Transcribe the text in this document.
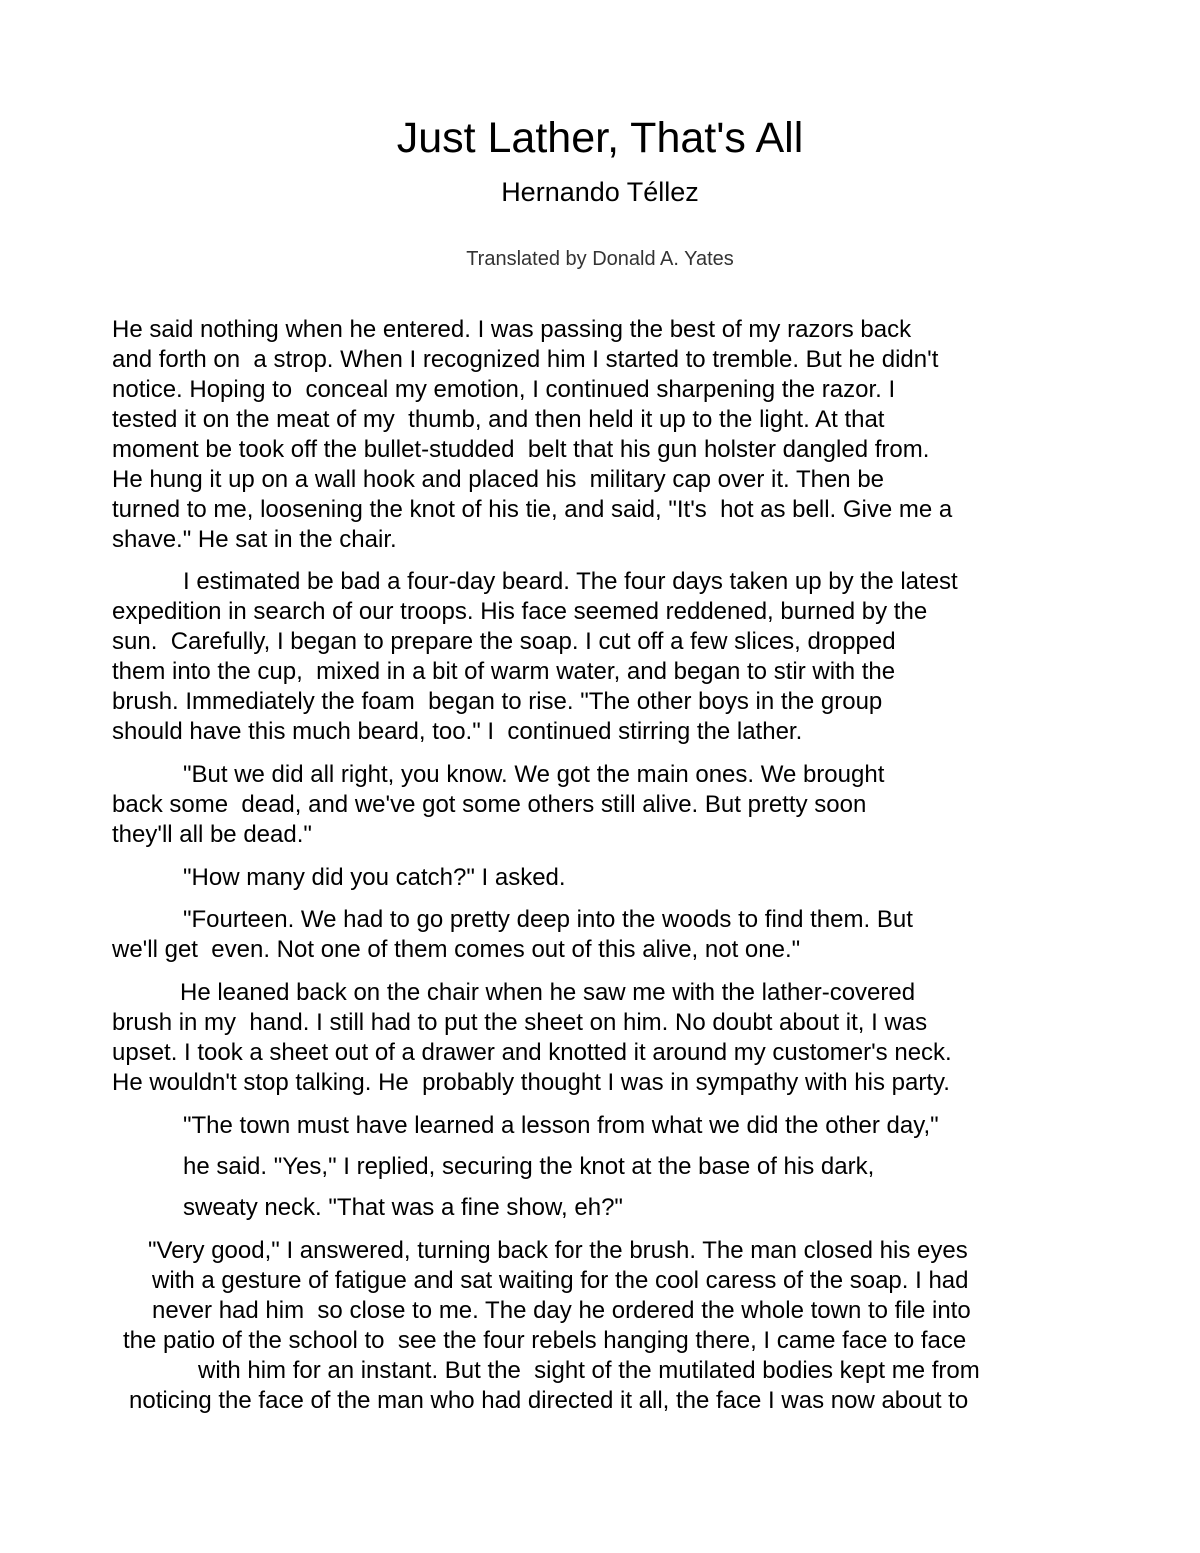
Just Lather, That's All

Hernando Téllez

Translated by Donald A. Yates

He said nothing when he entered. I was passing the best of my razors back

and forth on  a strop. When I recognized him I started to tremble. But he didn't

notice. Hoping to  conceal my emotion, I continued sharpening the razor. I

tested it on the meat of my  thumb, and then held it up to the light. At that

moment be took off the bullet-studded  belt that his gun holster dangled from.

He hung it up on a wall hook and placed his  military cap over it. Then be

turned to me, loosening the knot of his tie, and said, "It's  hot as bell. Give me a

shave." He sat in the chair.

I estimated be bad a four-day beard. The four days taken up by the latest

expedition in search of our troops. His face seemed reddened, burned by the

sun.  Carefully, I began to prepare the soap. I cut off a few slices, dropped

them into the cup,  mixed in a bit of warm water, and began to stir with the

brush. Immediately the foam  began to rise. "The other boys in the group

should have this much beard, too." I  continued stirring the lather.

"But we did all right, you know. We got the main ones. We brought

back some  dead, and we've got some others still alive. But pretty soon

they'll all be dead."

"How many did you catch?" I asked.

"Fourteen. We had to go pretty deep into the woods to find them. But

we'll get  even. Not one of them comes out of this alive, not one."

He leaned back on the chair when he saw me with the lather-covered

brush in my  hand. I still had to put the sheet on him. No doubt about it, I was

upset. I took a sheet out of a drawer and knotted it around my customer's neck.

He wouldn't stop talking. He  probably thought I was in sympathy with his party.

"The town must have learned a lesson from what we did the other day,"

he said. "Yes," I replied, securing the knot at the base of his dark,

sweaty neck. "That was a fine show, eh?"

"Very good," I answered, turning back for the brush. The man closed his eyes

with a gesture of fatigue and sat waiting for the cool caress of the soap. I had

never had him  so close to me. The day he ordered the whole town to file into

the patio of the school to  see the four rebels hanging there, I came face to face

with him for an instant. But the  sight of the mutilated bodies kept me from

noticing the face of the man who had directed it all, the face I was now about to
